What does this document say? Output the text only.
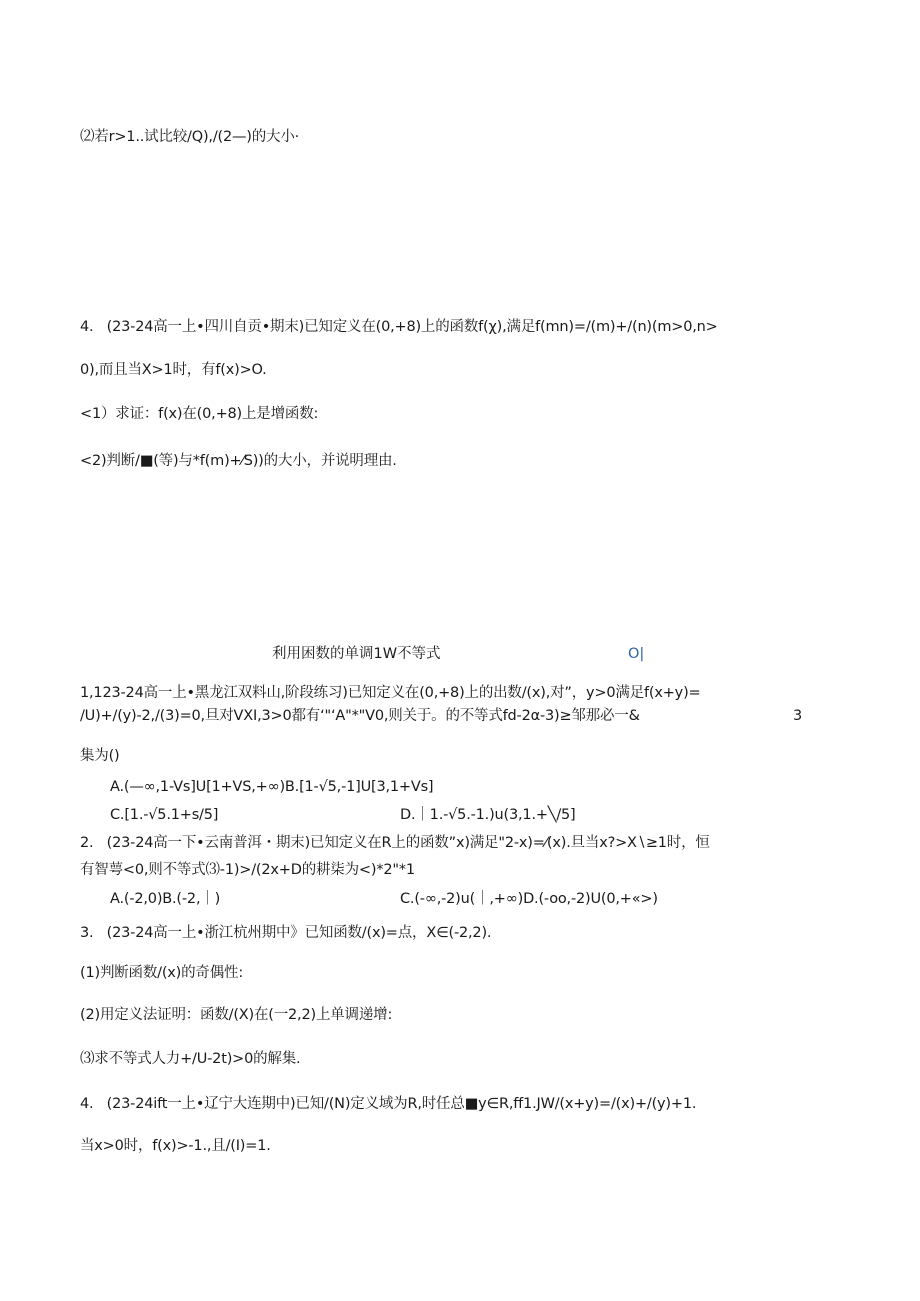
⑵若r>1..试比较/Q),/(2—)的大小·
4.   (23-24高一上•四川自贡•期末)已知定义在(0,+8)上的函数f(χ),满足f(mn)=/(m)+/(n)(m>0,n>
0),而且当X>1时，有f(x)>O.
<1）求证：f(x)在(0,+8)上是增函数:
<2)判断/■(等)与*f(m)+⁄S))的大小，并说明理由.
利用困数的单调1W不等式	O|
1,123-24高一上•黑龙江双料山,阶段练习)已知定义在(0,+8)上的出数/(x),对”，y>0满足f(x+y)=
/U)+/(y)-2,/(3)=0,旦对VXI,3>0都有‘"‘A"*"V0,则关于。的不等式fd-2α-3)≥邹那必一&	3
集为()
A.(—∞,1-Vs]U[1+VS,+∞)B.[1-√5,-1]U[3,1+Vs]
C.[1.-√5.1+s/5]	D.｜1.-√5.-1.)u(3,1.+╲∕5]
2.   (23-24高一下•云南普洱・期末)已知定义在R上的函数”x)满足"2-x)=⁄(x).旦当x?>X∖≥1时，恒
有智萼<0,则不等式⑶-1)>/(2x+D的耕柒为<)*2"*1
A.(-2,0)B.(-2,｜)	C.(-∞,-2)u(｜,+∞)D.(-oo,-2)U(0,+«>)
3.   (23-24高一上•浙江杭州期中》已知函数/(x)=点，X∈(-2,2).
(1)判断函数/(x)的奇偶性:
(2)用定义法证明：函数/(X)在(一2,2)上单调递增:
⑶求不等式人力+/U-2t)>0的解集.
4.   (23-24ift一上•辽宁大连期中)已知/(N)定义域为R,时任总■y∈R,ff1.JW/(x+y)=/(x)+/(y)+1.
当x>0时，f(x)>-1.,且/(I)=1.
